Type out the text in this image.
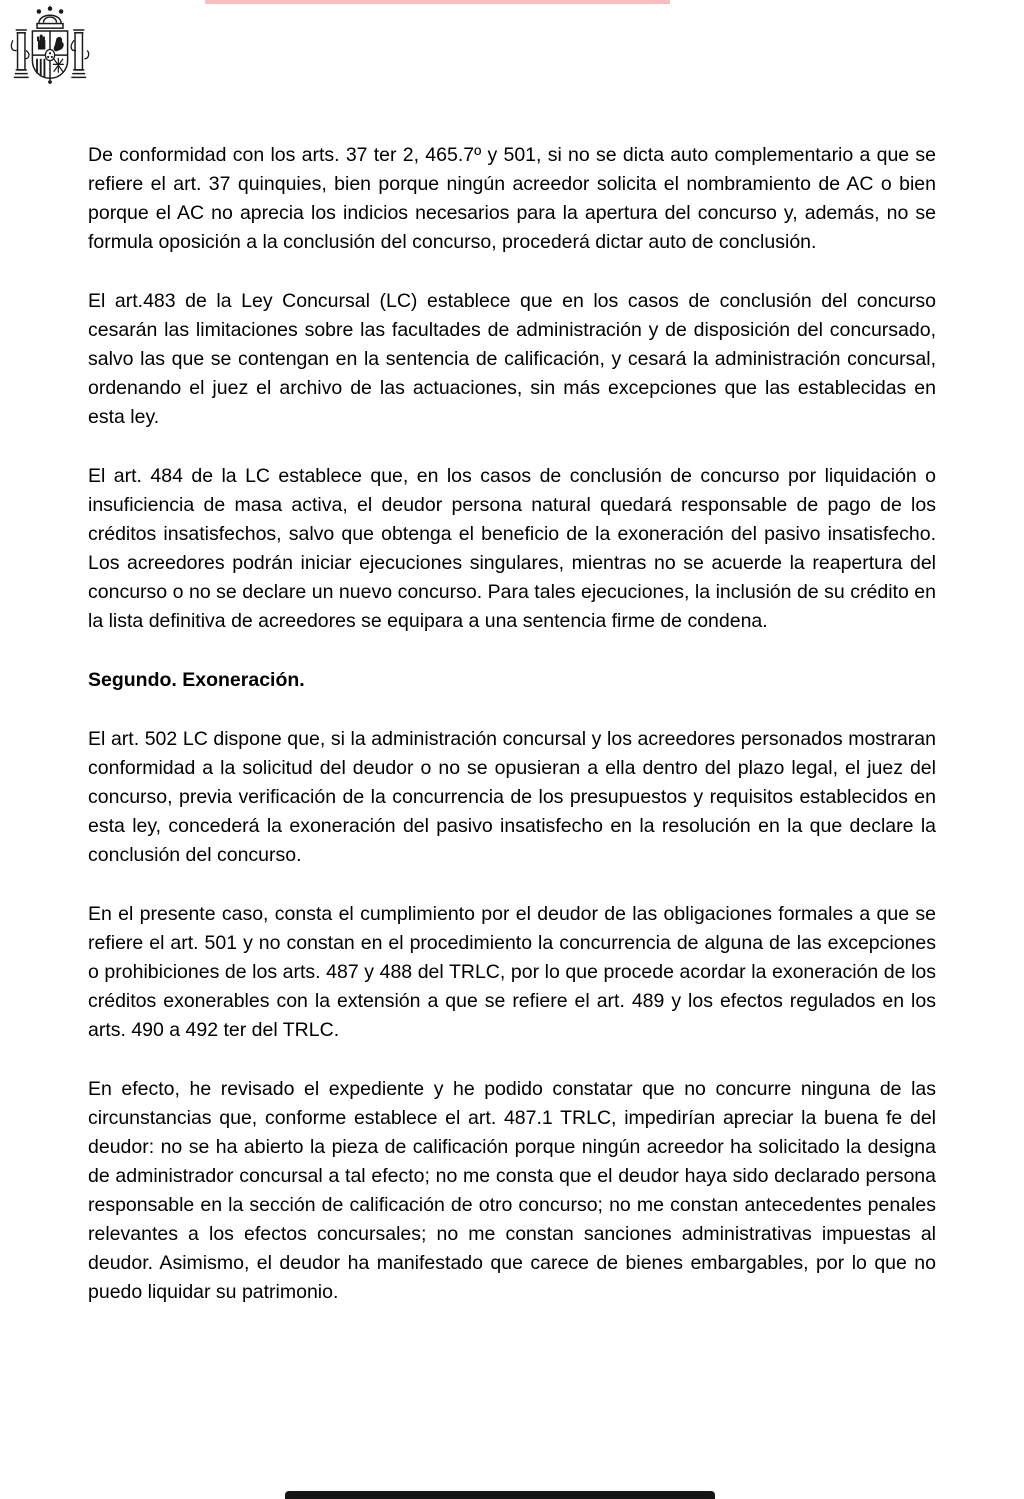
De conformidad con los arts. 37 ter 2, 465.7º y 501, si no se dicta auto complementario a que se refiere el art. 37 quinquies, bien porque ningún acreedor solicita el nombramiento de AC o bien porque el AC no aprecia los indicios necesarios para la apertura del concurso y, además, no se formula oposición a la conclusión del concurso, procederá dictar auto de conclusión.

El art.483 de la Ley Concursal (LC) establece que en los casos de conclusión del concurso cesarán las limitaciones sobre las facultades de administración y de disposición del concursado, salvo las que se contengan en la sentencia de calificación, y cesará la administración concursal, ordenando el juez el archivo de las actuaciones, sin más excepciones que las establecidas en esta ley.

El art. 484 de la LC establece que, en los casos de conclusión de concurso por liquidación o insuficiencia de masa activa, el deudor persona natural quedará responsable de pago de los créditos insatisfechos, salvo que obtenga el beneficio de la exoneración del pasivo insatisfecho. Los acreedores podrán iniciar ejecuciones singulares, mientras no se acuerde la reapertura del concurso o no se declare un nuevo concurso. Para tales ejecuciones, la inclusión de su crédito en la lista definitiva de acreedores se equipara a una sentencia firme de condena.

Segundo. Exoneración.

El art. 502 LC dispone que, si la administración concursal y los acreedores personados mostraran conformidad a la solicitud del deudor o no se opusieran a ella dentro del plazo legal, el juez del concurso, previa verificación de la concurrencia de los presupuestos y requisitos establecidos en esta ley, concederá la exoneración del pasivo insatisfecho en la resolución en la que declare la conclusión del concurso.

En el presente caso, consta el cumplimiento por el deudor de las obligaciones formales a que se refiere el art. 501 y no constan en el procedimiento la concurrencia de alguna de las excepciones o prohibiciones de los arts. 487 y 488 del TRLC, por lo que procede acordar la exoneración de los créditos exonerables con la extensión a que se refiere el art. 489 y los efectos regulados en los arts. 490 a 492 ter del TRLC.

En efecto, he revisado el expediente y he podido constatar que no concurre ninguna de las circunstancias que, conforme establece el art. 487.1 TRLC, impedirían apreciar la buena fe del deudor: no se ha abierto la pieza de calificación porque ningún acreedor ha solicitado la designa de administrador concursal a tal efecto; no me consta que el deudor haya sido declarado persona responsable en la sección de calificación de otro concurso; no me constan antecedentes penales relevantes a los efectos concursales; no me constan sanciones administrativas impuestas al deudor. Asimismo, el deudor ha manifestado que carece de bienes embargables, por lo que no puedo liquidar su patrimonio.
